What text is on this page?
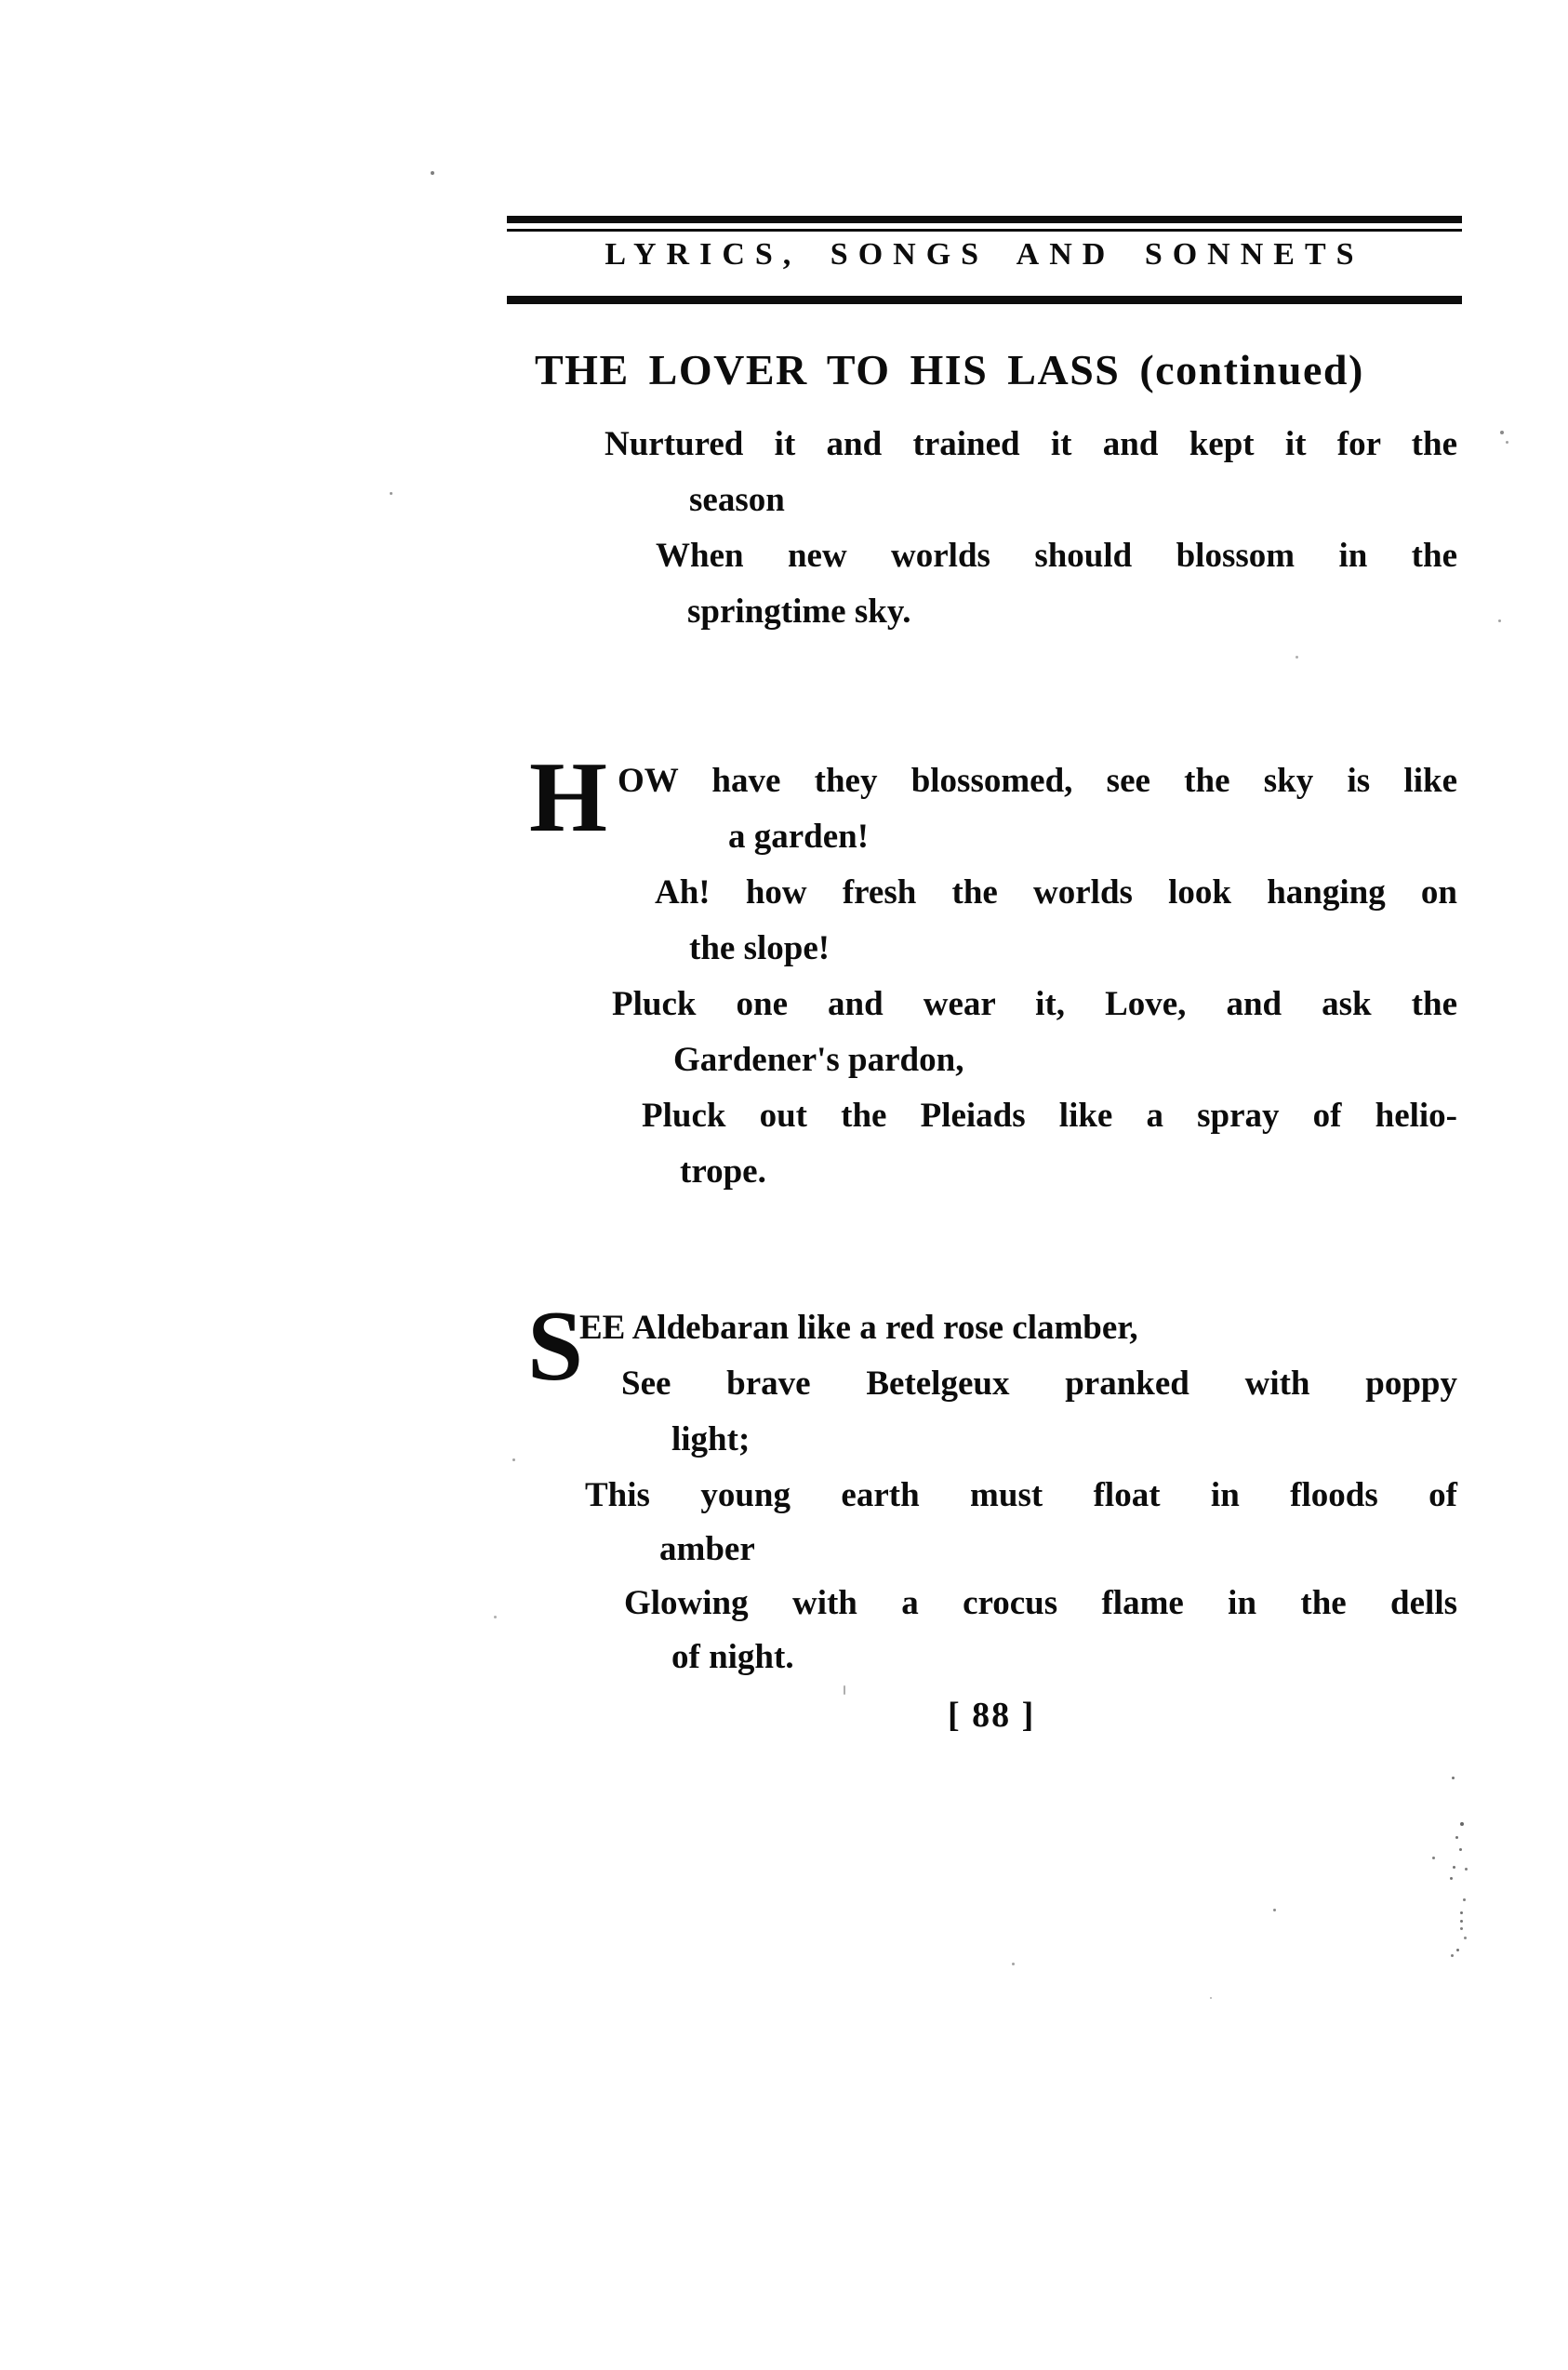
LYRICS, SONGS AND SONNETS
THE LOVER TO HIS LASS (continued)
Nurtured it and trained it and kept it for the
season
When new worlds should blossom in the
springtime sky.
H OW have they blossomed, see the sky is like
a garden!
Ah! how fresh the worlds look hanging on
the slope!
Pluck one and wear it, Love, and ask the
Gardener's pardon,
Pluck out the Pleiads like a spray of helio-
trope.
S
EE Aldebaran like a red rose clamber,
See brave Betelgeux pranked with poppy
light;
This young earth must float in floods of
amber
Glowing with a crocus flame in the dells
of night.
[ 88 ]
